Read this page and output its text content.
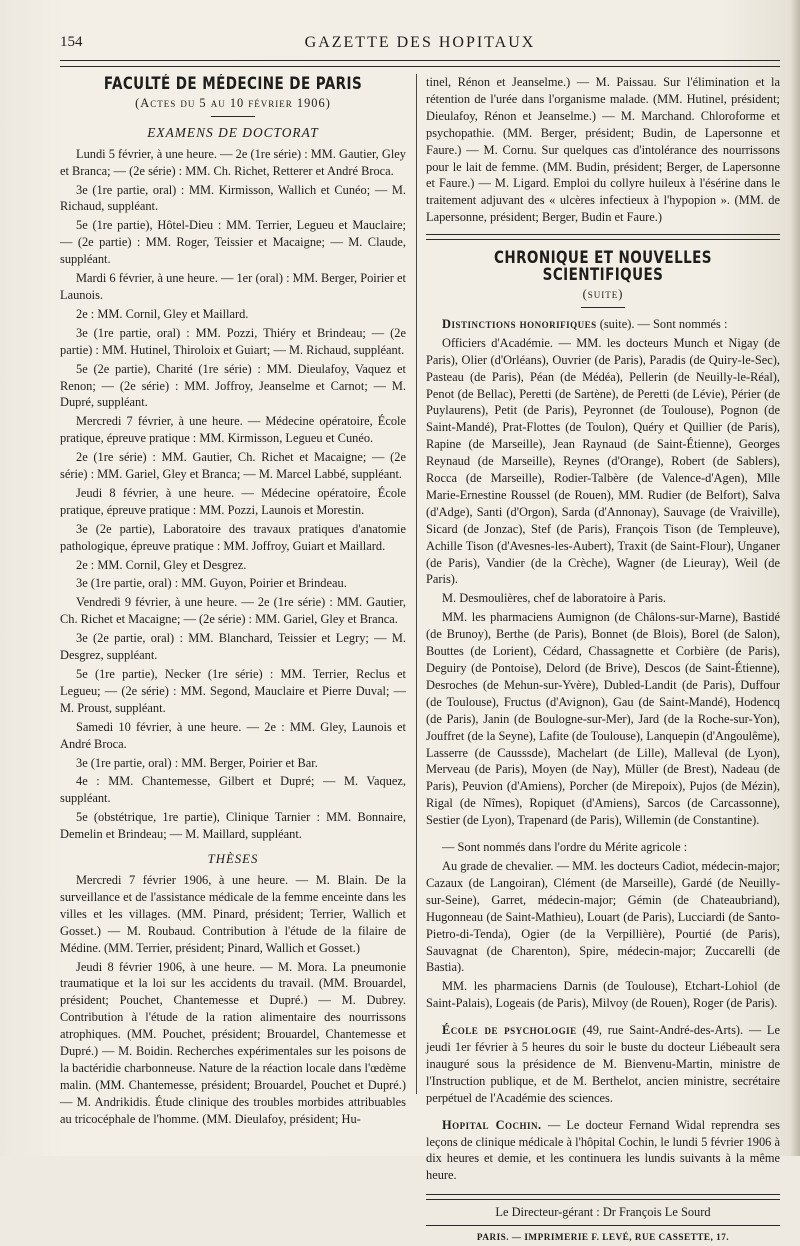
154	GAZETTE DES HOPITAUX
FACULTÉ DE MÉDECINE DE PARIS
(Actes du 5 au 10 février 1906)
EXAMENS DE DOCTORAT

Lundi 5 février, à une heure. — 2e (1re série) : MM. Gautier, Gley et Branca; — (2e série) : MM. Ch. Richet, Retterer et André Broca.

3e (1re partie, oral) : MM. Kirmisson, Wallich et Cunéo; — M. Richaud, suppléant.

5e (1re partie), Hôtel-Dieu : MM. Terrier, Legueu et Mauclaire; — (2e partie) : MM. Roger, Teissier et Macaigne; — M. Claude, suppléant.

Mardi 6 février, à une heure. — 1er (oral) : MM. Berger, Poirier et Launois.

2e : MM. Cornil, Gley et Maillard.

3e (1re partie, oral) : MM. Pozzi, Thiéry et Brindeau; — (2e partie) : MM. Hutinel, Thiroloix et Guiart; — M. Richaud, suppléant.

5e (2e partie), Charité (1re série) : MM. Dieulafoy, Vaquez et Renon; — (2e série) : MM. Joffroy, Jeanselme et Carnot; — M. Dupré, suppléant.

Mercredi 7 février, à une heure. — Médecine opératoire, École pratique, épreuve pratique : MM. Kirmisson, Legueu et Cunéo.

2e (1re série) : MM. Gautier, Ch. Richet et Macaigne; — (2e série) : MM. Gariel, Gley et Branca; — M. Marcel Labbé, suppléant.

Jeudi 8 février, à une heure. — Médecine opératoire, École pratique, épreuve pratique : MM. Pozzi, Launois et Morestin.

3e (2e partie), Laboratoire des travaux pratiques d'anatomie pathologique, épreuve pratique : MM. Joffroy, Guiart et Maillard.

2e : MM. Cornil, Gley et Desgrez.

3e (1re partie, oral) : MM. Guyon, Poirier et Brindeau.

Vendredi 9 février, à une heure. — 2e (1re série) : MM. Gautier, Ch. Richet et Macaigne; — (2e série) : MM. Gariel, Gley et Branca.

3e (2e partie, oral) : MM. Blanchard, Teissier et Legry; — M. Desgrez, suppléant.

5e (1re partie), Necker (1re série) : MM. Terrier, Reclus et Legueu; — (2e série) : MM. Segond, Mauclaire et Pierre Duval; — M. Proust, suppléant.

Samedi 10 février, à une heure. — 2e : MM. Gley, Launois et André Broca.

3e (1re partie, oral) : MM. Berger, Poirier et Bar.

4e : MM. Chantemesse, Gilbert et Dupré; — M. Vaquez, suppléant.

5e (obstétrique, 1re partie), Clinique Tarnier : MM. Bonnaire, Demelin et Brindeau; — M. Maillard, suppléant.

THÈSES

Mercredi 7 février 1906, à une heure. — M. Blain. De la surveillance et de l'assistance médicale de la femme enceinte dans les villes et les villages. (MM. Pinard, président; Terrier, Wallich et Gosset.) — M. Roubaud. Contribution à l'étude de la filaire de Médine. (MM. Terrier, président; Pinard, Wallich et Gosset.)

Jeudi 8 février 1906, à une heure. — M. Mora. La pneumonie traumatique et la loi sur les accidents du travail. (MM. Brouardel, président; Pouchet, Chantemesse et Dupré.) — M. Dubrey. Contribution à l'étude de la ration alimentaire des nourrissons atrophiques. (MM. Pouchet, président; Brouardel, Chantemesse et Dupré.) — M. Boidin. Recherches expérimentales sur les poisons de la bactéridie charbonneuse. Nature de la réaction locale dans l'œdème malin. (MM. Chantemesse, président; Brouardel, Pouchet et Dupré.) — M. Andrikidis. Étude clinique des troubles morbides attribuables au tricocéphale de l'homme. (MM. Dieulafoy, président; Hu-

tinel, Rénon et Jeanselme.) — M. Paissau. Sur l'élimination et la rétention de l'urée dans l'organisme malade. (MM. Hutinel, président; Dieulafoy, Rénon et Jeanselme.) — M. Marchand. Chloroforme et psychopathie. (MM. Berger, président; Budin, de Lapersonne et Faure.) — M. Cornu. Sur quelques cas d'intolérance des nourrissons pour le lait de femme. (MM. Budin, président; Berger, de Lapersonne et Faure.) — M. Ligard. Emploi du collyre huileux à l'ésérine dans le traitement adjuvant des « ulcères infectieux à l'hypopion ». (MM. de Lapersonne, président; Berger, Budin et Faure.)

CHRONIQUE ET NOUVELLES SCIENTIFIQUES
(suite)

Distinctions honorifiques (suite). — Sont nommés :

Officiers d'Académie. — MM. les docteurs Munch et Nigay (de Paris), Olier (d'Orléans), Ouvrier (de Paris), Paradis (de Quiry-le-Sec), Pasteau (de Paris), Péan (de Médéa), Pellerin (de Neuilly-le-Réal), Penot (de Bellac), Peretti (de Sartène), de Peretti (de Lévie), Périer (de Puylaurens), Petit (de Paris), Peyronnet (de Toulouse), Pognon (de Saint-Mandé), Prat-Flottes (de Toulon), Quéry et Quillier (de Paris), Rapine (de Marseille), Jean Raynaud (de Saint-Étienne), Georges Reynaud (de Marseille), Reynes (d'Orange), Robert (de Sablers), Rocca (de Marseille), Rodier-Talbère (de Valence-d'Agen), Mlle Marie-Ernestine Roussel (de Rouen), MM. Rudier (de Belfort), Salva (d'Adge), Santi (d'Orgon), Sarda (d'Annonay), Sauvage (de Vraiville), Sicard (de Jonzac), Stef (de Paris), François Tison (de Templeuve), Achille Tison (d'Avesnes-les-Aubert), Traxit (de Saint-Flour), Unganer (de Paris), Vandier (de la Crèche), Wagner (de Lieuray), Weil (de Paris).

M. Desmoulières, chef de laboratoire à Paris.

MM. les pharmaciens Aumignon (de Châlons-sur-Marne), Bastidé (de Brunoy), Berthe (de Paris), Bonnet (de Blois), Borel (de Salon), Bouttes (de Lorient), Cédard, Chassagnette et Corbière (de Paris), Deguiry (de Pontoise), Delord (de Brive), Descos (de Saint-Étienne), Desroches (de Mehun-sur-Yvère), Dubled-Landit (de Paris), Duffour (de Toulouse), Fructus (d'Avignon), Gau (de Saint-Mandé), Hodencq (de Paris), Janin (de Boulogne-sur-Mer), Jard (de la Roche-sur-Yon), Jouffret (de la Seyne), Lafite (de Toulouse), Lanquepin (d'Angoulême), Lasserre (de Causssde), Machelart (de Lille), Malleval (de Lyon), Merveau (de Paris), Moyen (de Nay), Müller (de Brest), Nadeau (de Paris), Peuvion (d'Amiens), Porcher (de Mirepoix), Pujos (de Mézin), Rigal (de Nîmes), Ropiquet (d'Amiens), Sarcos (de Carcassonne), Sestier (de Lyon), Trapenard (de Paris), Willemin (de Constantine).

— Sont nommés dans l'ordre du Mérite agricole :

Au grade de chevalier. — MM. les docteurs Cadiot, médecin-major; Cazaux (de Langoiran), Clément (de Marseille), Gardé (de Neuilly-sur-Seine), Garret, médecin-major; Gémin (de Chateaubriand), Hugonneau (de Saint-Mathieu), Louart (de Paris), Lucciardi (de Santo-Pietro-di-Tenda), Ogier (de la Verpillière), Pourtié (de Paris), Sauvagnat (de Charenton), Spire, médecin-major; Zuccarelli (de Bastia).

MM. les pharmaciens Darnis (de Toulouse), Etchart-Lohiol (de Saint-Palais), Logeais (de Paris), Milvoy (de Rouen), Roger (de Paris).

École de psychologie (49, rue Saint-André-des-Arts). — Le jeudi 1er février à 5 heures du soir le buste du docteur Liébeault sera inauguré sous la présidence de M. Bienvenu-Martin, ministre de l'Instruction publique, et de M. Berthelot, ancien ministre, secrétaire perpétuel de l'Académie des sciences.

Hopital Cochin. — Le docteur Fernand Widal reprendra ses leçons de clinique médicale à l'hôpital Cochin, le lundi 5 février 1906 à dix heures et demie, et les continuera les lundis suivants à la même heure.

Le Directeur-gérant : Dr François Le Sourd
PARIS. — IMPRIMERIE F. LEVÉ, RUE CASSETTE, 17.
